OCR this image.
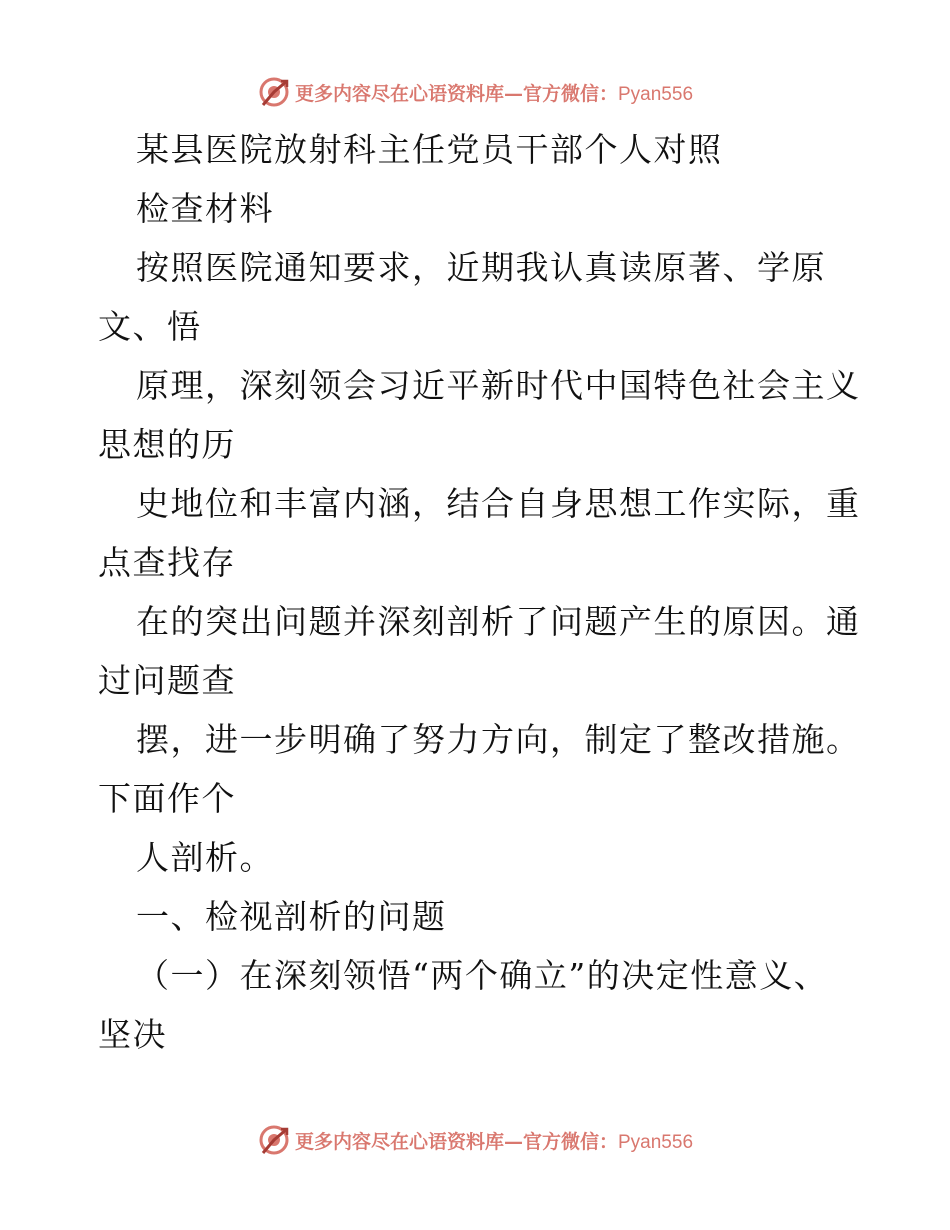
更多内容尽在心语资料库—官方微信：Pyan556
某县医院放射科主任党员干部个人对照
检查材料
按照医院通知要求，近期我认真读原著、学原
文、悟
原理，深刻领会习近平新时代中国特色社会主义
思想的历
史地位和丰富内涵，结合自身思想工作实际，重
点查找存
在的突出问题并深刻剖析了问题产生的原因。通
过问题查
摆，进一步明确了努力方向，制定了整改措施。
下面作个
人剖析。
一、检视剖析的问题
（一）在深刻领悟“两个确立”的决定性意义、
坚决
更多内容尽在心语资料库—官方微信：Pyan556
